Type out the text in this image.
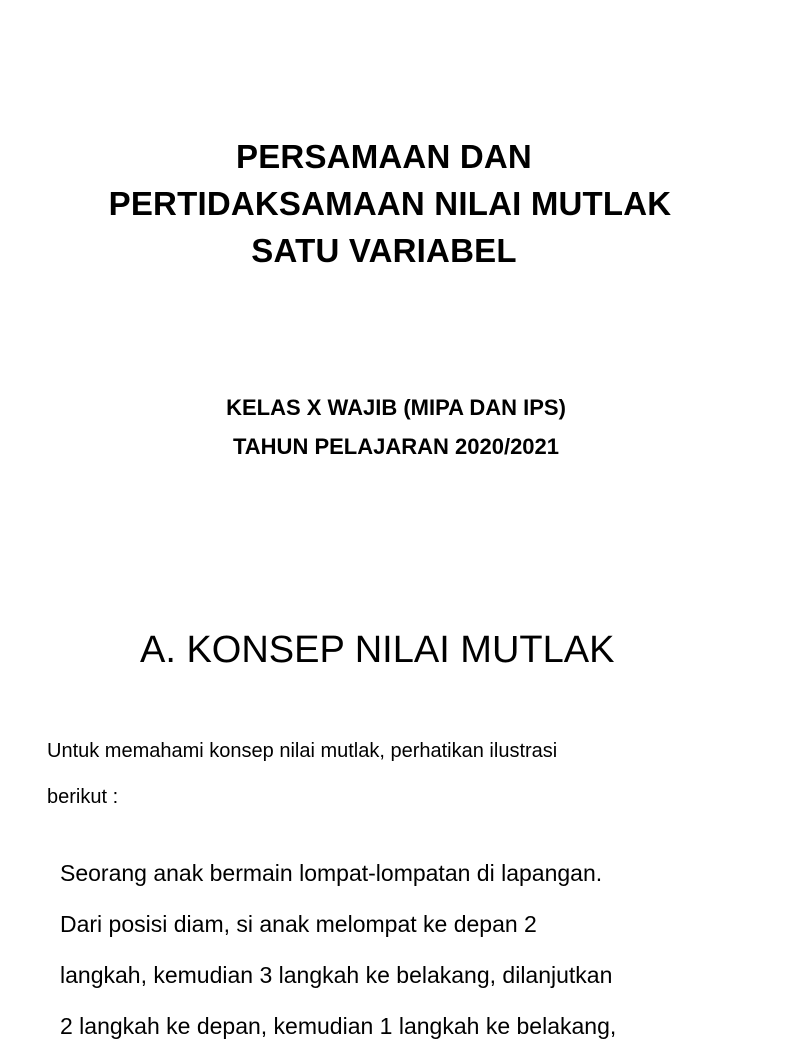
PERSAMAAN DAN
PERTIDAKSAMAAN NILAI MUTLAK
SATU VARIABEL
KELAS X WAJIB (MIPA DAN IPS)
TAHUN PELAJARAN 2020/2021
A. KONSEP NILAI MUTLAK
Untuk memahami konsep nilai mutlak, perhatikan ilustrasi
berikut :
Seorang anak bermain lompat-lompatan di lapangan.
Dari posisi diam, si anak melompat ke depan 2
langkah, kemudian 3 langkah ke belakang, dilanjutkan
2 langkah ke depan, kemudian 1 langkah ke belakang,
